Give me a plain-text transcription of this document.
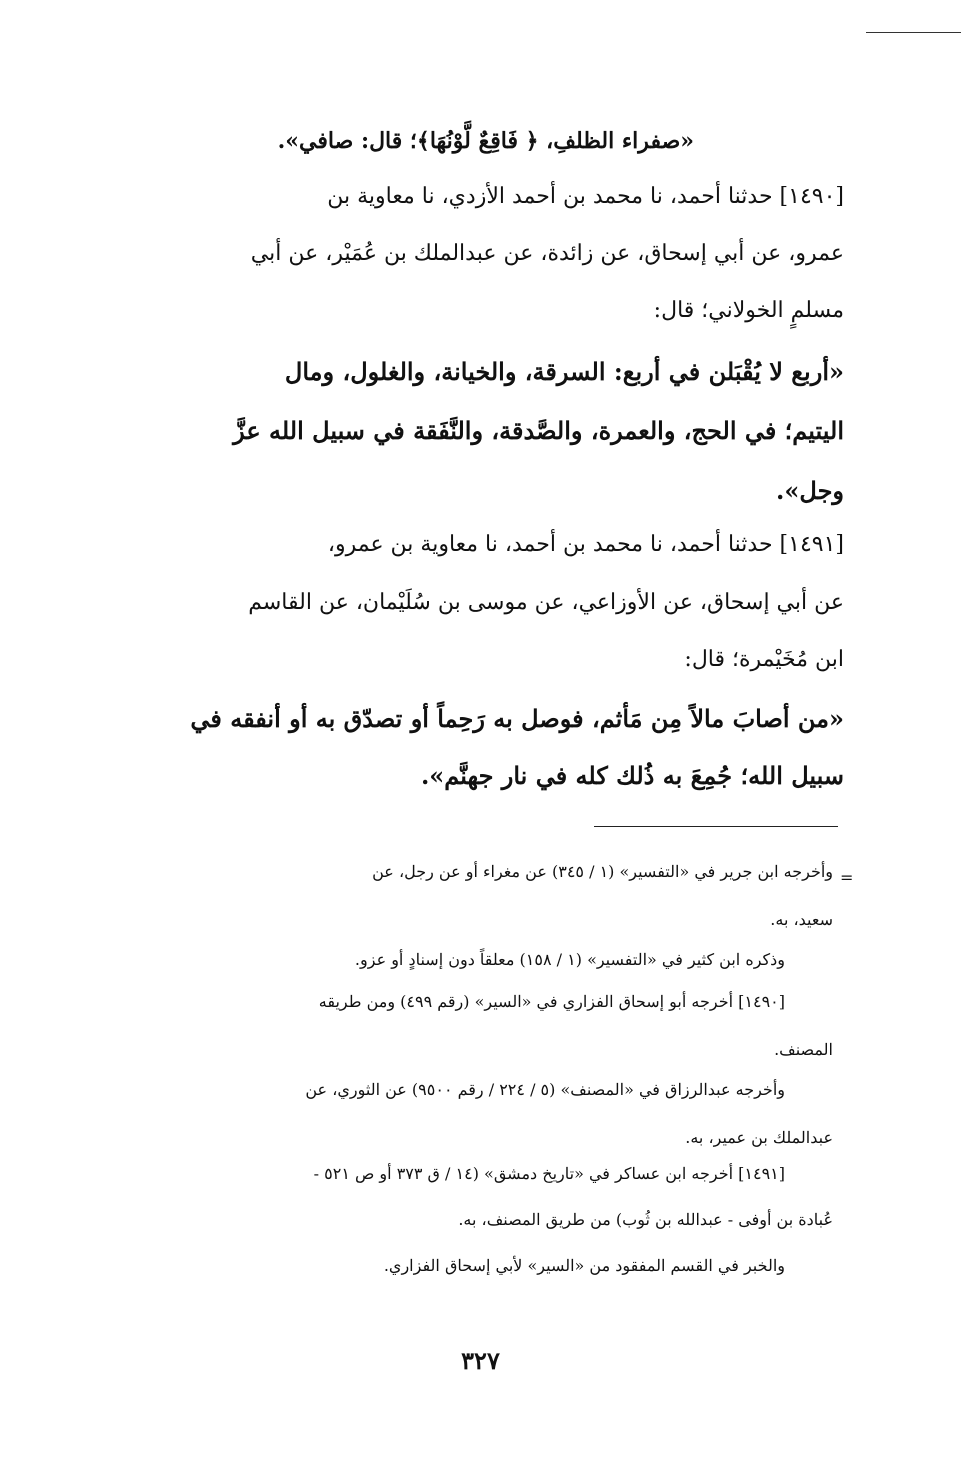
«صفراء الظلفِ، ﴿ فَاقِعٌ لَّوْنُهَا﴾؛ قال: صافي».
[١٤٩٠] حدثنا أحمد، نا محمد بن أحمد الأزدي، نا معاوية بن
عمرو، عن أبي إسحاق، عن زائدة، عن عبدالملك بن عُمَيْر، عن أبي
مسلمٍ الخولاني؛ قال:
«أربع لا يُقْبَلن في أربع: السرقة، والخيانة، والغلول، ومال
اليتيم؛ في الحج، والعمرة، والصَّدقة، والنَّفَقة في سبيل الله عزَّ
وجل».
[١٤٩١] حدثنا أحمد، نا محمد بن أحمد، نا معاوية بن عمرو،
عن أبي إسحاق، عن الأوزاعي، عن موسى بن سُلَيْمان، عن القاسم
ابن مُخَيْمرة؛ قال:
«من أصابَ مالاً مِن مَأثم، فوصل به رَحِماً أو تصدّق به أو أنفقه في
سبيل الله؛ جُمِعَ به ذُلك كله في نار جهنَّم».
=
وأخرجه ابن جرير في «التفسير» (١ / ٣٤٥) عن مغراء أو عن رجل، عن
سعيد، به.
وذكره ابن كثير في «التفسير» (١ / ١٥٨) معلقاً دون إسنادٍ أو عزو.
[١٤٩٠] أخرجه أبو إسحاق الفزاري في «السير» (رقم ٤٩٩) ومن طريقه
المصنف.
وأخرجه عبدالرزاق في «المصنف» (٥ / ٢٢٤ / رقم ٩٥٠٠) عن الثوري، عن
عبدالملك بن عمير، به.
[١٤٩١] أخرجه ابن عساكر في «تاريخ دمشق» (١٤ / ق ٣٧٣ أو ص ٥٢١ -
عُبادة بن أوفى - عبدالله بن ثُوب) من طريق المصنف، به.
والخبر في القسم المفقود من «السير» لأبي إسحاق الفزاري.
٣٢٧
